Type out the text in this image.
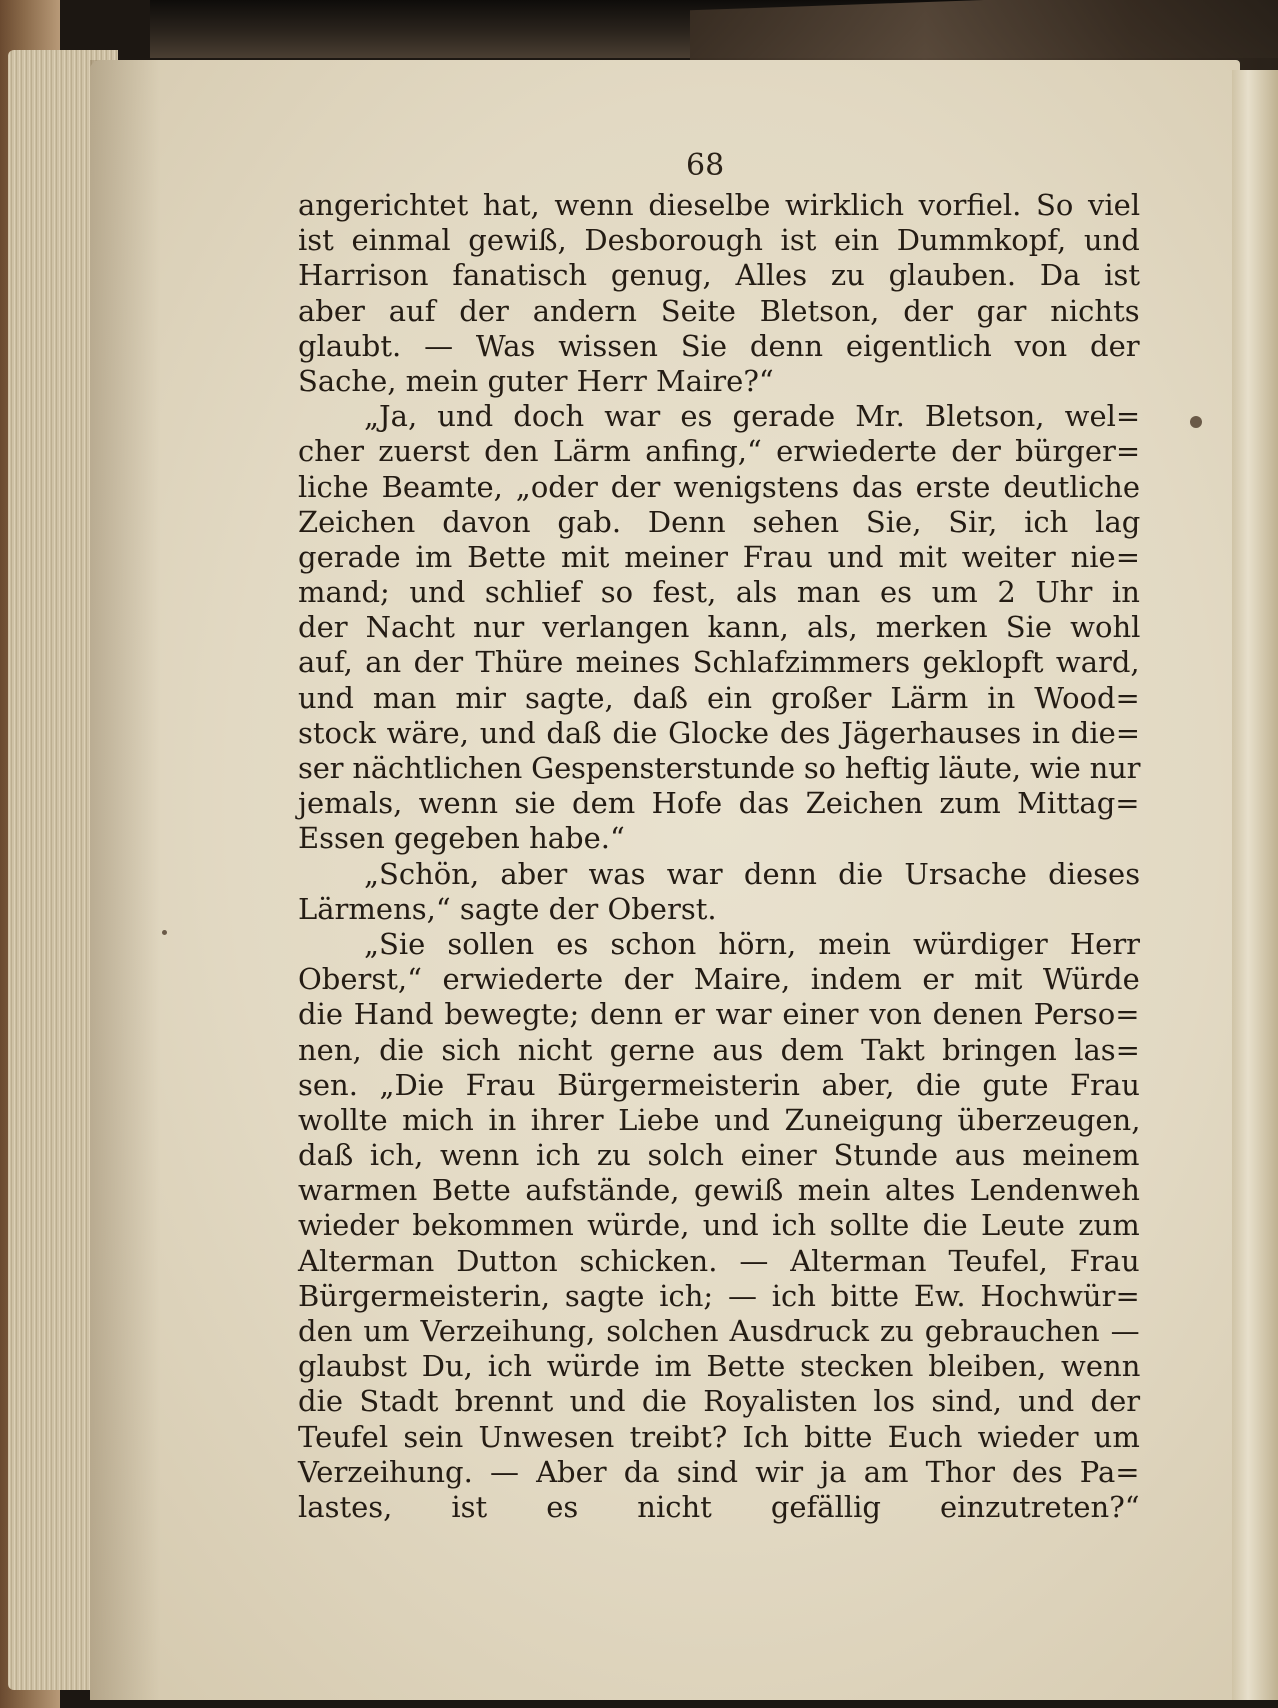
68

angerichtet hat, wenn dieselbe wirklich vorfiel. So viel
ist einmal gewiß, Desborough ist ein Dummkopf, und
Harrison fanatisch genug, Alles zu glauben. Da ist
aber auf der andern Seite Bletson, der gar nichts
glaubt. — Was wissen Sie denn eigentlich von der
Sache, mein guter Herr Maire?“
„Ja, und doch war es gerade Mr. Bletson, wel=
cher zuerst den Lärm anfing,“ erwiederte der bürger=
liche Beamte, „oder der wenigstens das erste deutliche
Zeichen davon gab. Denn sehen Sie, Sir, ich lag
gerade im Bette mit meiner Frau und mit weiter nie=
mand; und schlief so fest, als man es um 2 Uhr in
der Nacht nur verlangen kann, als, merken Sie wohl
auf, an der Thüre meines Schlafzimmers geklopft ward,
und man mir sagte, daß ein großer Lärm in Wood=
stock wäre, und daß die Glocke des Jägerhauses in die=
ser nächtlichen Gespensterstunde so heftig läute, wie nur
jemals, wenn sie dem Hofe das Zeichen zum Mittag=
Essen gegeben habe.“
„Schön, aber was war denn die Ursache dieses
Lärmens,“ sagte der Oberst.
„Sie sollen es schon hörn, mein würdiger Herr
Oberst,“ erwiederte der Maire, indem er mit Würde
die Hand bewegte; denn er war einer von denen Perso=
nen, die sich nicht gerne aus dem Takt bringen las=
sen. „Die Frau Bürgermeisterin aber, die gute Frau
wollte mich in ihrer Liebe und Zuneigung überzeugen,
daß ich, wenn ich zu solch einer Stunde aus meinem
warmen Bette aufstände, gewiß mein altes Lendenweh
wieder bekommen würde, und ich sollte die Leute zum
Alterman Dutton schicken. — Alterman Teufel, Frau
Bürgermeisterin, sagte ich; — ich bitte Ew. Hochwür=
den um Verzeihung, solchen Ausdruck zu gebrauchen —
glaubst Du, ich würde im Bette stecken bleiben, wenn
die Stadt brennt und die Royalisten los sind, und der
Teufel sein Unwesen treibt? Ich bitte Euch wieder um
Verzeihung. — Aber da sind wir ja am Thor des Pa=
lastes, ist es nicht gefällig einzutreten?“
